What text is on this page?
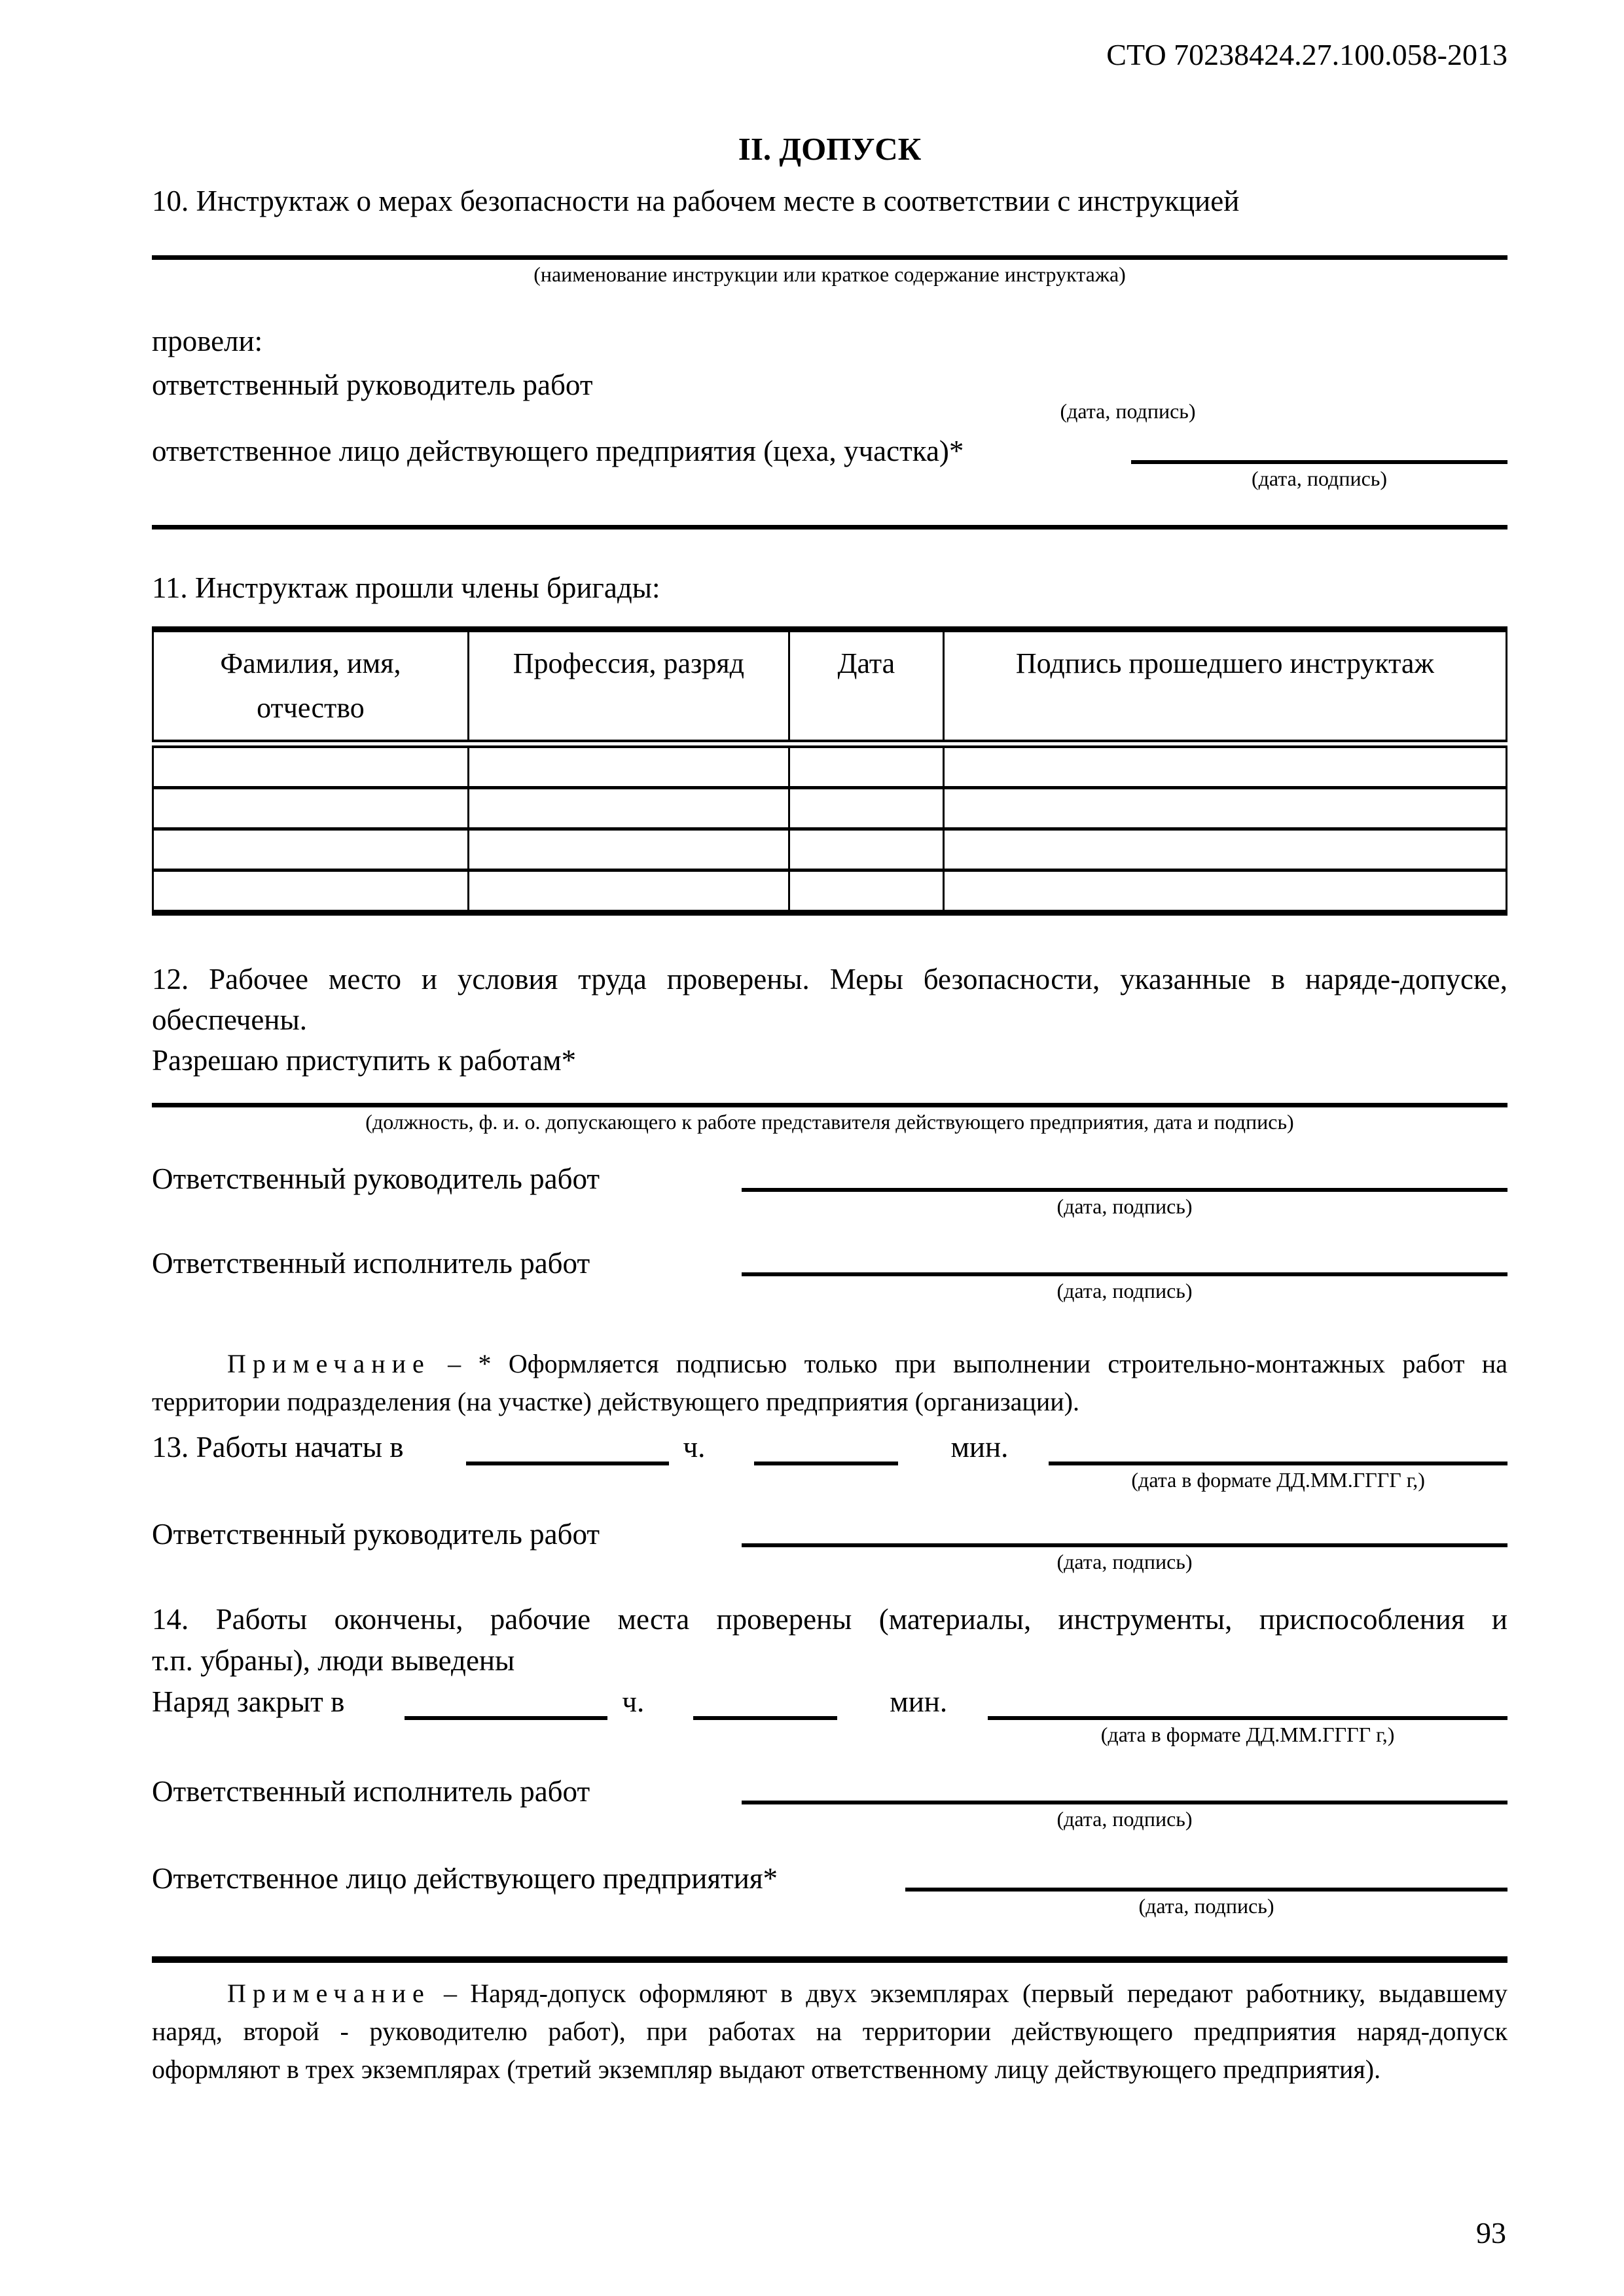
СТО 70238424.27.100.058-2013
II. ДОПУСК
10. Инструктаж о мерах безопасности на рабочем месте в соответствии с инструкцией
(наименование инструкции или краткое содержание инструктажа)
провели:
ответственный руководитель работ
(дата, подпись)
ответственное лицо действующего предприятия (цеха, участка)*
(дата, подпись)
11. Инструктаж прошли члены бригады:
Фамилия, имя, отчество	Профессия, разряд	Дата	Подпись прошедшего инструктаж

12. Рабочее место и условия труда проверены. Меры безопасности, указанные в наряде-допуске,
обеспечены.
Разрешаю приступить к работам*
(должность, ф. и. о. допускающего к работе представителя действующего предприятия, дата и подпись)
Ответственный руководитель работ
(дата, подпись)
Ответственный исполнитель работ
(дата, подпись)
Примечание – * Оформляется подписью только при выполнении строительно-монтажных работ на
территории подразделения (на участке) действующего предприятия (организации).
13. Работы начаты в	ч.	мин.
(дата в формате ДД.ММ.ГГГГ г,)
Ответственный руководитель работ
(дата, подпись)
14. Работы окончены, рабочие места проверены (материалы, инструменты, приспособления и
т.п. убраны), люди выведены
Наряд закрыт в	ч.	мин.
(дата в формате ДД.ММ.ГГГГ г,)
Ответственный исполнитель работ
(дата, подпись)
Ответственное лицо действующего предприятия*
(дата, подпись)
Примечание – Наряд-допуск оформляют в двух экземплярах (первый передают работнику, выдавшему
наряд, второй - руководителю работ), при работах на территории действующего предприятия наряд-допуск
оформляют в трех экземплярах (третий экземпляр выдают ответственному лицу действующего предприятия).
93
